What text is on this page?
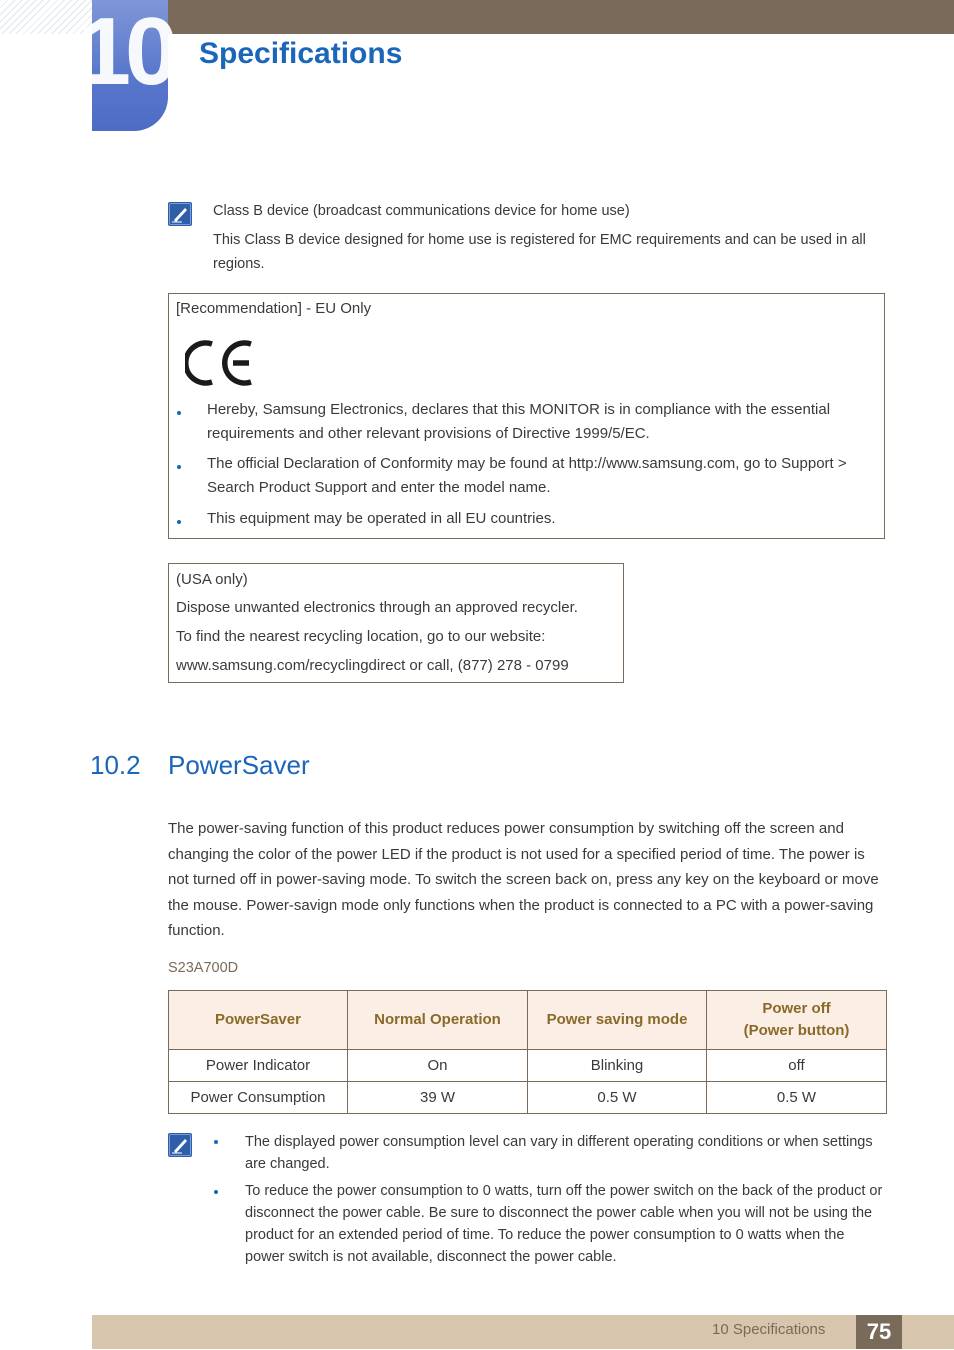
10 Specifications
Class B device (broadcast communications device for home use)
This Class B device designed for home use is registered for EMC requirements and can be used in all regions.
[Recommendation] - EU Only
Hereby, Samsung Electronics, declares that this MONITOR is in compliance with the essential requirements and other relevant provisions of Directive 1999/5/EC.
The official Declaration of Conformity may be found at http://www.samsung.com, go to Support > Search Product Support and enter the model name.
This equipment may be operated in all EU countries.
(USA only)
Dispose unwanted electronics through an approved recycler.
To find the nearest recycling location, go to our website:
www.samsung.com/recyclingdirect or call, (877) 278 - 0799
10.2 PowerSaver

The power-saving function of this product reduces power consumption by switching off the screen and changing the color of the power LED if the product is not used for a specified period of time. The power is not turned off in power-saving mode. To switch the screen back on, press any key on the keyboard or move the mouse. Power-savign mode only functions when the product is connected to a PC with a power-saving function.

S23A700D
PowerSaver	Normal Operation	Power saving mode	Power off
(Power button)
Power Indicator	On	Blinking	off
Power Consumption	39 W	0.5 W	0.5 W
The displayed power consumption level can vary in different operating conditions or when settings are changed.
To reduce the power consumption to 0 watts, turn off the power switch on the back of the product or disconnect the power cable. Be sure to disconnect the power cable when you will not be using the product for an extended period of time. To reduce the power consumption to 0 watts when the power switch is not available, disconnect the power cable.
10 Specifications	75
